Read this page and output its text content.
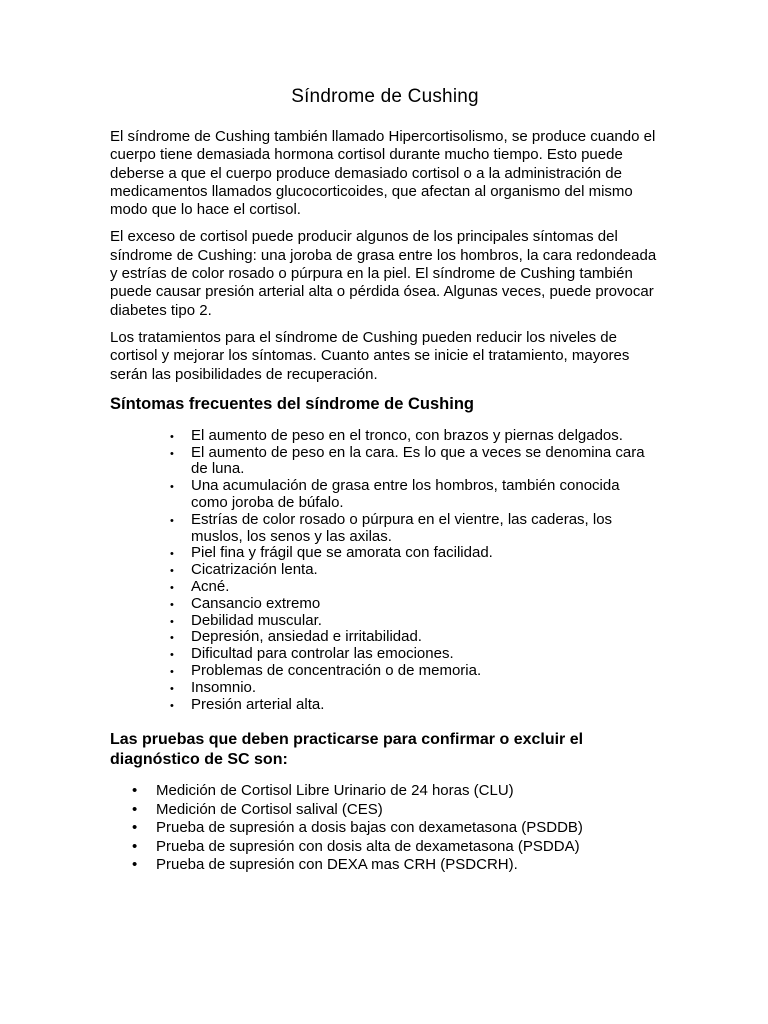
Síndrome de Cushing

El síndrome de Cushing también llamado Hipercortisolismo, se produce cuando el cuerpo tiene demasiada hormona cortisol durante mucho tiempo. Esto puede deberse a que el cuerpo produce demasiado cortisol o a la administración de medicamentos llamados glucocorticoides, que afectan al organismo del mismo modo que lo hace el cortisol.

El exceso de cortisol puede producir algunos de los principales síntomas del síndrome de Cushing: una joroba de grasa entre los hombros, la cara redondeada y estrías de color rosado o púrpura en la piel. El síndrome de Cushing también puede causar presión arterial alta o pérdida ósea. Algunas veces, puede provocar diabetes tipo 2.

Los tratamientos para el síndrome de Cushing pueden reducir los niveles de cortisol y mejorar los síntomas. Cuanto antes se inicie el tratamiento, mayores serán las posibilidades de recuperación.

Síntomas frecuentes del síndrome de Cushing
• El aumento de peso en el tronco, con brazos y piernas delgados.
• El aumento de peso en la cara. Es lo que a veces se denomina cara de luna.
• Una acumulación de grasa entre los hombros, también conocida como joroba de búfalo.
• Estrías de color rosado o púrpura en el vientre, las caderas, los muslos, los senos y las axilas.
• Piel fina y frágil que se amorata con facilidad.
• Cicatrización lenta.
• Acné.
• Cansancio extremo
• Debilidad muscular.
• Depresión, ansiedad e irritabilidad.
• Dificultad para controlar las emociones.
• Problemas de concentración o de memoria.
• Insomnio.
• Presión arterial alta.
Las pruebas que deben practicarse para confirmar o excluir el diagnóstico de SC son:
• Medición de Cortisol Libre Urinario de 24 horas (CLU)
• Medición de Cortisol salival (CES)
• Prueba de supresión a dosis bajas con dexametasona (PSDDB)
• Prueba de supresión con dosis alta de dexametasona (PSDDA)
• Prueba de supresión con DEXA mas CRH (PSDCRH).
